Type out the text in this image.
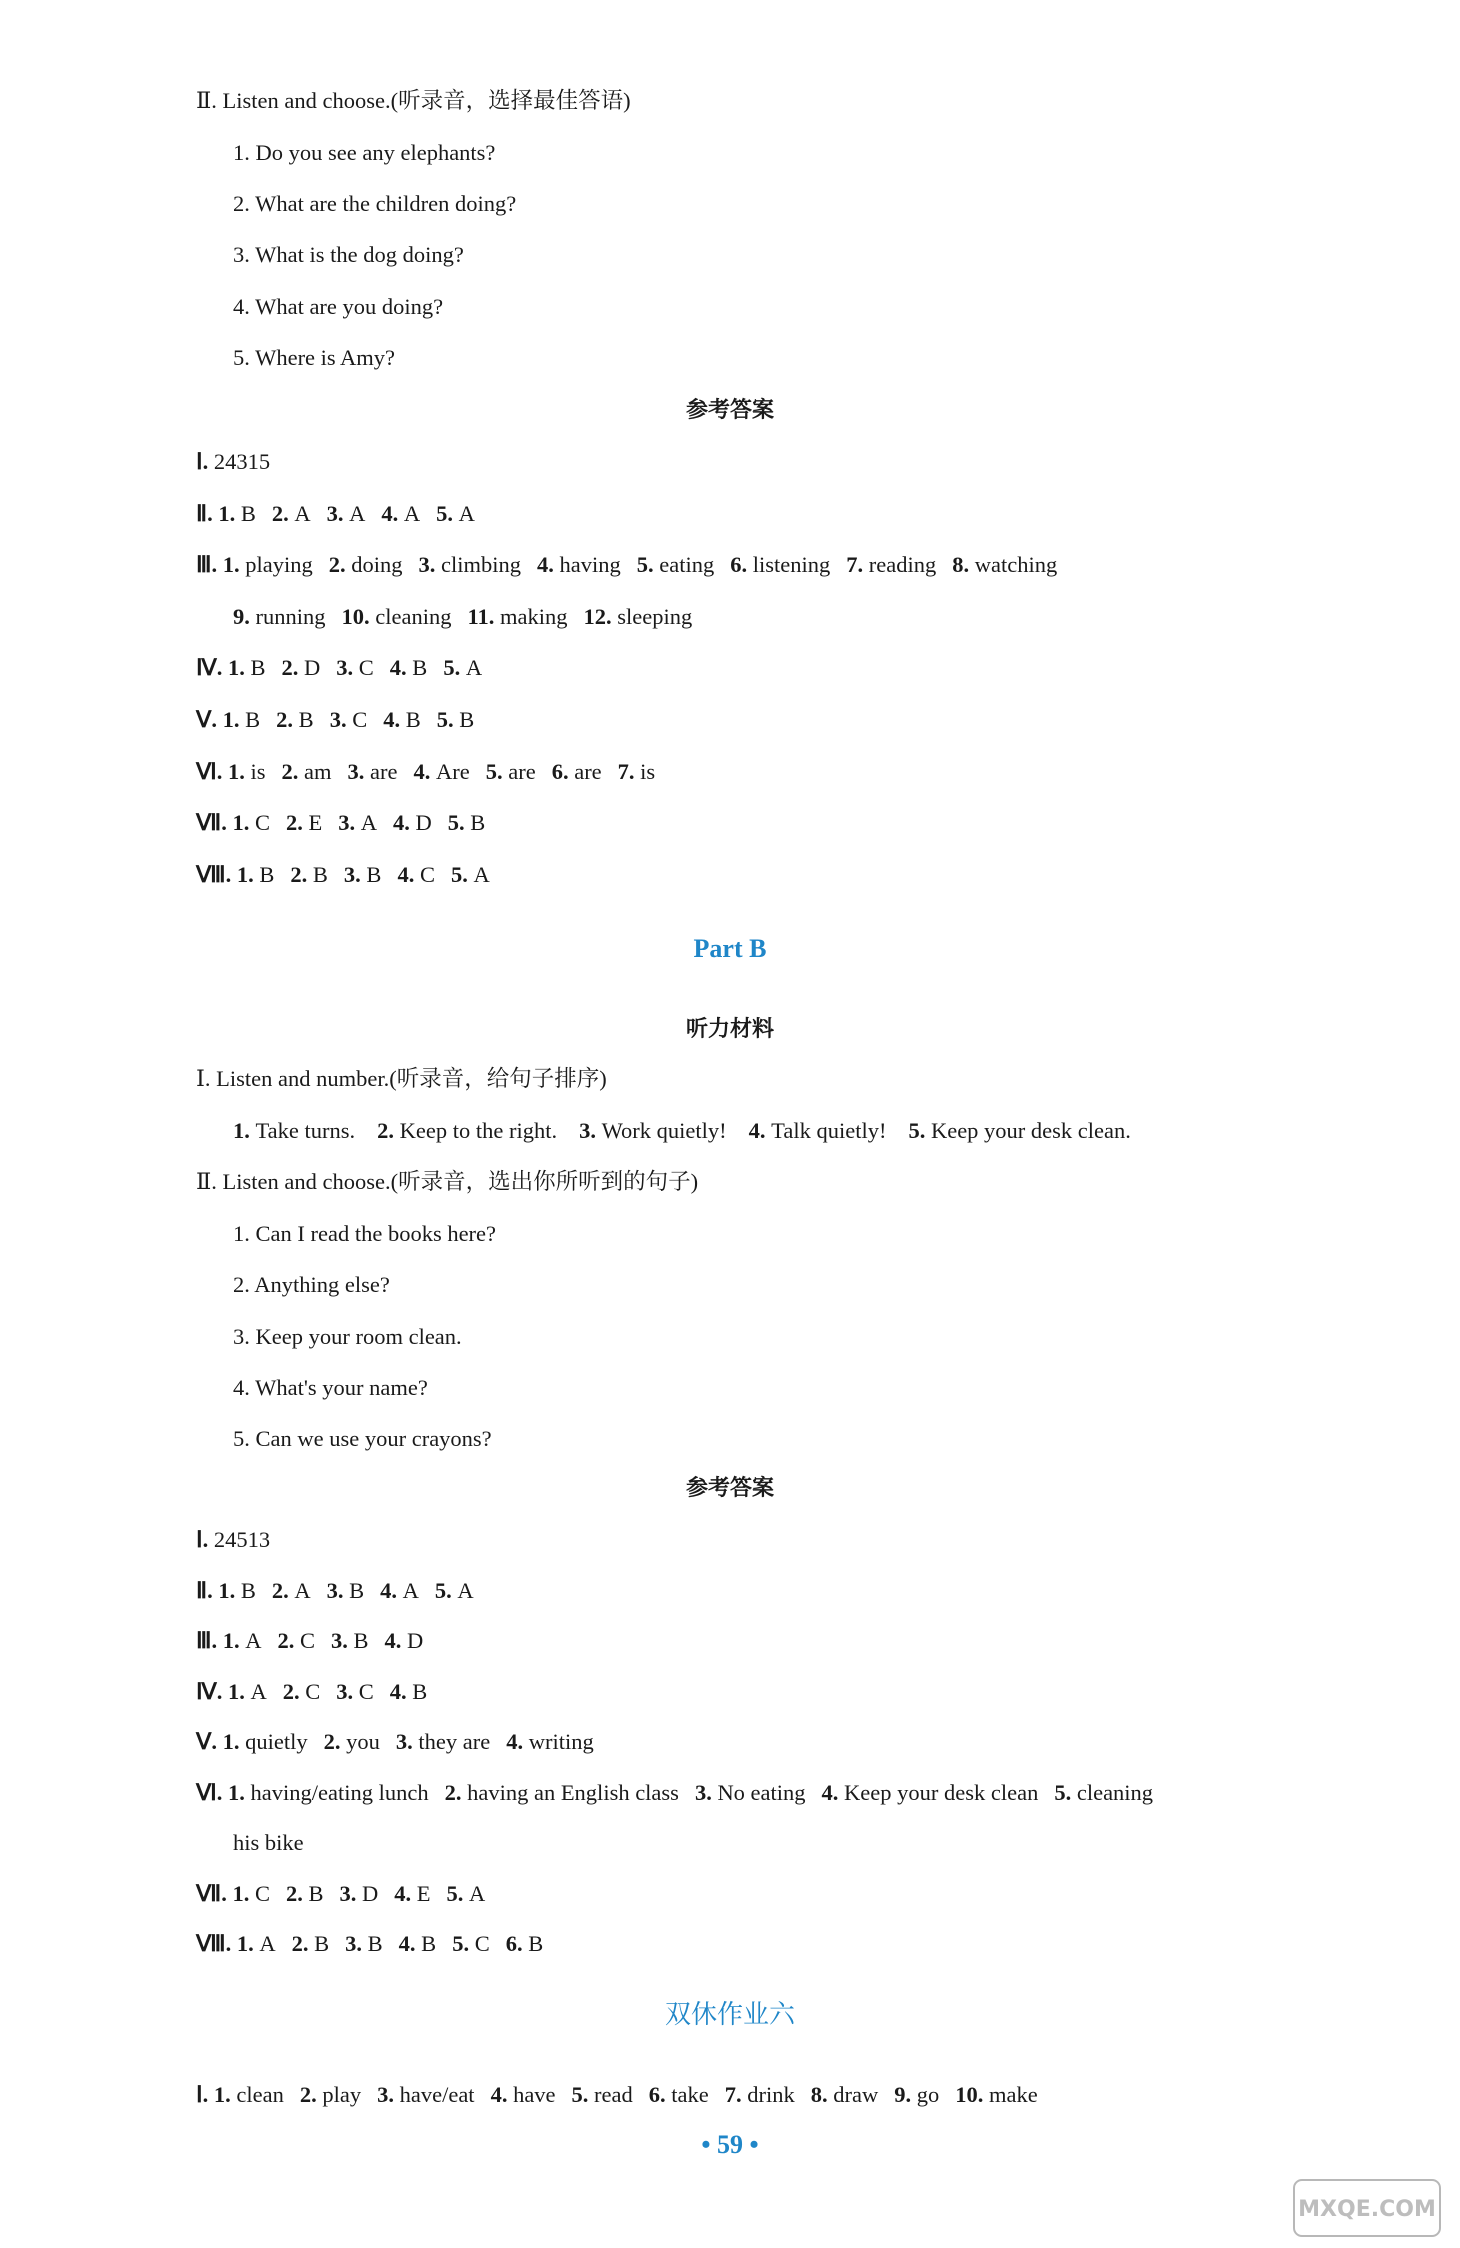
Ⅱ. Listen and choose.(听录音，选择最佳答语)
1. Do you see any elephants?
2. What are the children doing?
3. What is the dog doing?
4. What are you doing?
5. Where is Amy?
参考答案
Ⅰ. 24315
Ⅱ. 1. B 2. A 3. A 4. A 5. A
Ⅲ. 1. playing 2. doing 3. climbing 4. having 5. eating 6. listening 7. reading 8. watching
9. running 10. cleaning 11. making 12. sleeping
Ⅳ. 1. B 2. D 3. C 4. B 5. A
Ⅴ. 1. B 2. B 3. C 4. B 5. B
Ⅵ. 1. is 2. am 3. are 4. Are 5. are 6. are 7. is
Ⅶ. 1. C 2. E 3. A 4. D 5. B
Ⅷ. 1. B 2. B 3. B 4. C 5. A
Part B
听力材料
Ⅰ. Listen and number.(听录音，给句子排序)
1. Take turns. 2. Keep to the right. 3. Work quietly! 4. Talk quietly! 5. Keep your desk clean.
Ⅱ. Listen and choose.(听录音，选出你所听到的句子)
1. Can I read the books here?
2. Anything else?
3. Keep your room clean.
4. What's your name?
5. Can we use your crayons?
参考答案
Ⅰ. 24513
Ⅱ. 1. B 2. A 3. B 4. A 5. A
Ⅲ. 1. A 2. C 3. B 4. D
Ⅳ. 1. A 2. C 3. C 4. B
Ⅴ. 1. quietly 2. you 3. they are 4. writing
Ⅵ. 1. having/eating lunch 2. having an English class 3. No eating 4. Keep your desk clean 5. cleaning
his bike
Ⅶ. 1. C 2. B 3. D 4. E 5. A
Ⅷ. 1. A 2. B 3. B 4. B 5. C 6. B
双休作业六
Ⅰ. 1. clean 2. play 3. have/eat 4. have 5. read 6. take 7. drink 8. draw 9. go 10. make
• 59 •
MXQE.COM
